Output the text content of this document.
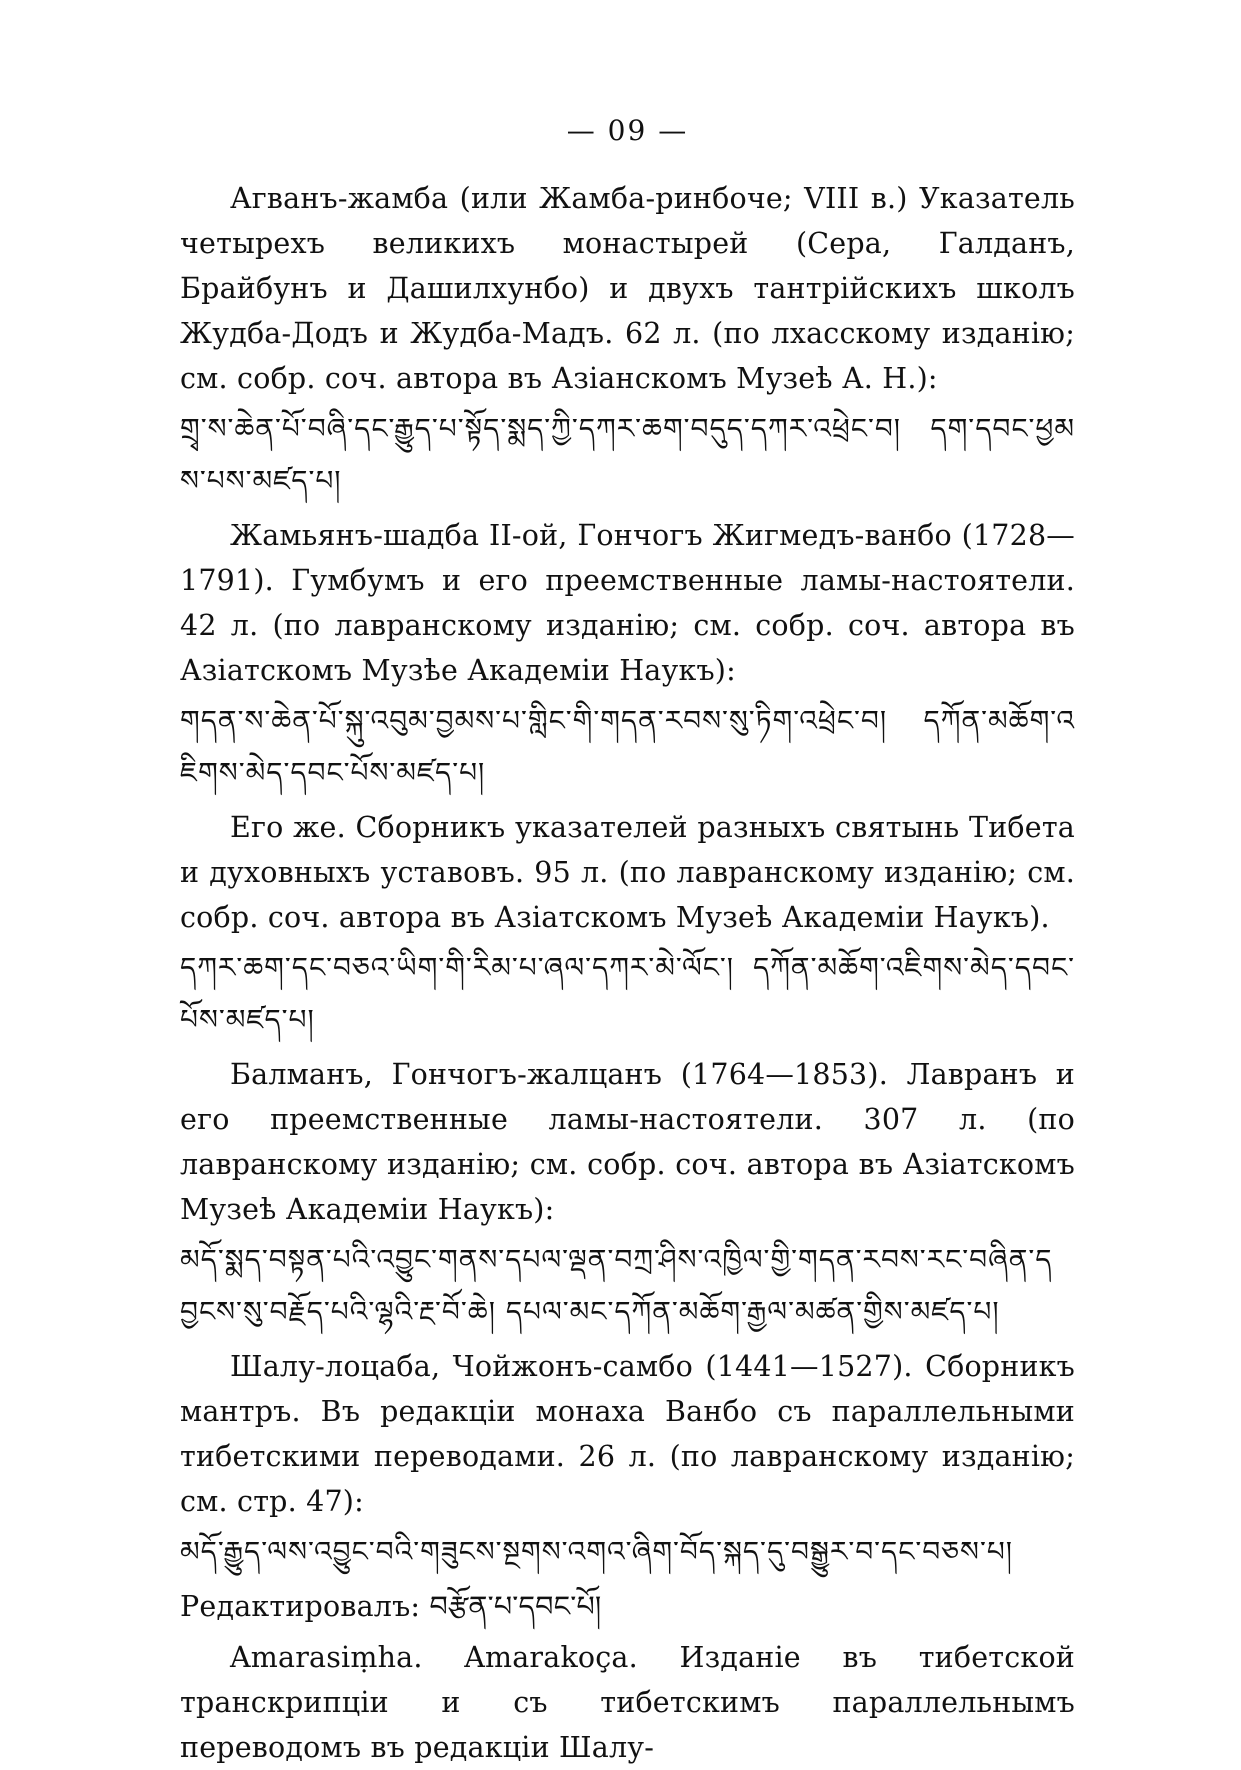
— 09 —

Агванъ-жамба (или Жамба-ринбоче; VIII в.) Указатель четырехъ великихъ монастырей (Сера, Галданъ, Брайбунъ и Дашилхунбо) и двухъ тантрійскихъ школъ Жудба-Додъ и Жудба-Мадъ. 62 л. (по лхасскому изданію; см. собр. соч. автора въ Азіанскомъ Музеѣ А. Н.):

གྲྭ་ས་ཆེན་པོ་བཞི་དང་རྒྱུད་པ་སྟོད་སྨད་ཀྱི་དཀར་ཆག་བདུད་དཀར་འཕྲེང་བ། དག་དབང་ཕྱམས་པས་མཛད་པ།

Жамьянъ-шадба II-ой, Гончогъ Жигмедъ-ванбо (1728—1791). Гумбумъ и его преемственные ламы-настоятели. 42 л. (по лавранскому изданію; см. собр. соч. автора въ Азіатскомъ Музѣе Академіи Наукъ):

གདན་ས་ཆེན་པོ་སྐུ་འབུམ་བྱམས་པ་གླིང་གི་གདན་རབས་སུ་ཏིག་འཕྲེང་བ། དཀོན་མཆོག་འཇིགས་མེད་དབང་པོས་མཛད་པ།

Его же. Сборникъ указателей разныхъ святынь Тибета и духовныхъ уставовъ. 95 л. (по лавранскому изданію; см. собр. соч. автора въ Азіатскомъ Музеѣ Академіи Наукъ).

དཀར་ཆག་དང་བཅའ་ཡིག་གི་རིམ་པ་ཞལ་དཀར་མེ་ལོང་། དཀོན་མཆོག་འཇིགས་མེད་དབང་པོས་མཛད་པ།

Балманъ, Гончогъ-жалцанъ (1764—1853). Лавранъ и его преемственные ламы-настоятели. 307 л. (по лавранскому изданію; см. собр. соч. автора въ Азіатскомъ Музеѣ Академіи Наукъ):

མདོ་སྨད་བསྟན་པའི་འབྱུང་གནས་དཔལ་ལྡན་བཀྲ་ཤིས་འཁྱིལ་གྱི་གདན་རབས་རང་བཞིན་དབྱངས་སུ་བརྗོད་པའི་ལྷའི་རྔ་བོ་ཆེ། དཔལ་མང་དཀོན་མཆོག་རྒྱལ་མཚན་གྱིས་མཛད་པ།

Шалу-лоцаба, Чойжонъ-самбо (1441—1527). Сборникъ мантръ. Въ редакціи монаха Ванбо съ параллельными тибетскими переводами. 26 л. (по лавранскому изданію; см. стр. 47):

མདོ་རྒྱུད་ལས་འབྱུང་བའི་གཟུངས་སྔགས་འགའ་ཞིག་བོད་སྐད་དུ་བསྒྱུར་བ་དང་བཅས་པ།

Редактировалъ: བརྩོན་པ་དབང་པོ།

Amarasiṃha. Amarakoça. Изданіе въ тибетской транскрипціи и съ тибетскимъ параллельнымъ переводомъ въ редакціи Шалу-
